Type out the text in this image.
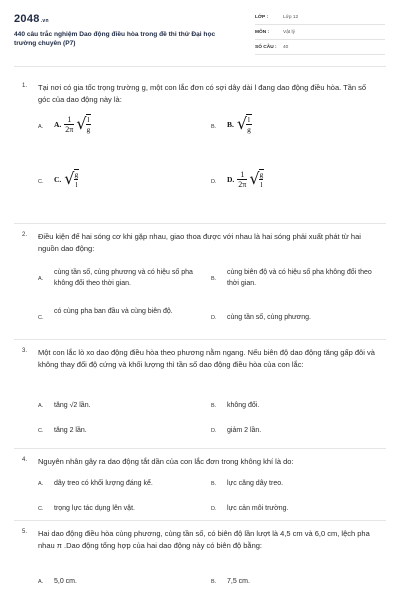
2048.vn
440 câu trắc nghiệm Dao động điều hòa trong đề thi thử Đại học trường chuyên (P7)
LỚP :	Lớp 12
MÔN :	Vật lý
SỐ CÂU : 40
1. Tại nơi có gia tốc trọng trường g, một con lắc đơn có sợi dây dài l đang dao động điều hòa. Tần số góc của dao động này là:
A. A. $\frac{1}{2\pi}$ √ l
g	B. B. √ l
g
C. C. √ g
l	D. D. $\frac{1}{2\pi}$ √ g
l
2. Điều kiện để hai sóng cơ khi gặp nhau, giao thoa được với nhau là hai sóng phải xuất phát từ hai nguồn dao động:
A.
cùng tần số, cùng phương và có hiệu số pha không đổi theo thời gian.
B.
cùng biên độ và có hiệu số pha không đổi theo thời gian.
C.
có cùng pha ban đầu và cùng biên độ.
D. cùng tần số, cùng phương.
3. Một con lắc lò xo dao động điều hòa theo phương nằm ngang. Nếu biên độ dao động tăng gấp đôi và không thay đổi độ cứng và khối lượng thì tần số dao động điều hòa của con lắc:
A. tăng √2 lần.	B. không đổi.
C. tăng 2 lần.	D. giảm 2 lần.
4. Nguyên nhân gây ra dao động tắt dần của con lắc đơn trong không khí là do:
A. dây treo có khối lượng đáng kể.	B. lực căng dây treo.
C. trọng lực tác dụng lên vật.	D. lực cản môi trường.
5. Hai dao động điều hòa cùng phương, cùng tần số, có biên độ lần lượt là 4,5 cm và 6,0 cm, lệch pha nhau π .Dao động tổng hợp của hai dao động này có biên độ bằng:
A. 5,0 cm.	B. 7,5 cm.
